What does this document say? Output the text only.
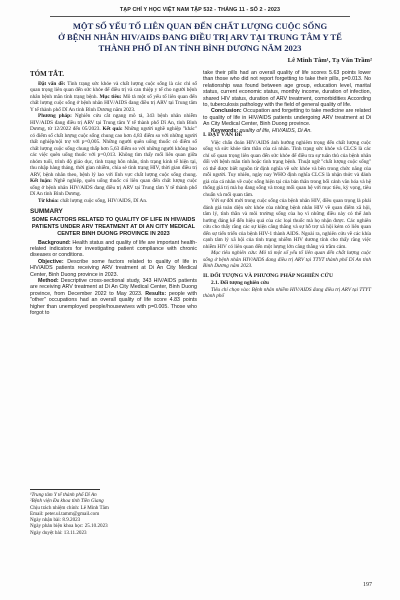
TẠP CHÍ Y HỌC VIỆT NAM TẬP 532 - THÁNG 11 - SỐ 2 - 2023
MỘT SỐ YẾU TỐ LIÊN QUAN ĐẾN CHẤT LƯỢNG CUỘC SỐNG
Ở BỆNH NHÂN HIV/AIDS ĐANG ĐIỀU TRỊ ARV TẠI TRUNG TÂM Y TẾ
THÀNH PHỐ DĨ AN TỈNH BÌNH DƯƠNG NĂM 2023
Lê Minh Tâm¹, Tạ Văn Trầm²
TÓM TẮT.

Đặt vấn đề: Tình trạng sức khỏe và chất lượng cuộc sống là các chỉ số quan trọng liên quan đến sức khỏe để điều trị và can thiệp y tế cho người bệnh nhân bệnh mãn tính trạng bệnh. Mục tiêu: Mô tả một số yếu tố liên quan đến chất lượng cuộc sống ở bệnh nhân HIV/AIDS đang điều trị ARV tại Trung tâm Y tế thành phố Dĩ An tỉnh Bình Dương năm 2023.

Phương pháp: Nghiên cứu cắt ngang mô tả, 343 bệnh nhân nhiễm HIV/AIDS đang điều trị ARV tại Trung tâm Y tế thành phố Dĩ An, tỉnh Bình Dương, từ 12/2022 đến 05/2023. Kết quả: Những người nghề nghiệp "khác" có điểm số chất lượng cuộc sống chung cao hơn 4,83 điểm so với những người thất nghiệp/nội trợ với p=0,005. Những người quên uống thuốc có điểm số chất lượng cuộc sống chung thấp hơn 5,63 điểm so với những người không bao các việc quên uống thuốc với p=0,013. Không tìm thấy mối liên quan giữa nhóm tuổi, trình độ giáo dục, tình trạng hôn nhân, tình trạng kinh tế hiện tại, thu nhập hàng tháng, thời gian nhiễm, chia sẻ tình trạng HIV, thời gian điều trị ARV, bệnh nhân theo, bệnh lý lao với lĩnh vực chất lượng cuộc sống chung. Kết luận: Nghề nghiệp, quên uống thuốc có liên quan đến chất lượng cuộc sống ở bệnh nhân HIV/AIDS đang điều trị ARV tại Trung tâm Y tế thành phố Dĩ An tỉnh Bình Dương.

Từ khóa: chất lượng cuộc sống, HIV/AIDS, Dĩ An.

SUMMARY
SOME FACTORS RELATED TO QUALITY OF LIFE IN HIV/AIDS PATIENTS UNDER ARV TREATMENT AT DI AN CITY MEDICAL CENTER BINH DUONG PROVINCE IN 2023

Background: Health status and quality of life are important health-related indicators for investigating patient compliance with chronic diseases or conditions.

Objective: Describe some factors related to quality of life in HIV/AIDS patients receiving ARV treatment at Di An City Medical Center, Binh Duong province in 2023.

Method: Descriptive cross-sectional study, 343 HIV/AIDS patients are receiving ARV treatment at Di An City Medical Center, Binh Duong province, from December 2022 to May 2023. Results: people with "other" occupations had an overall quality of life score 4.83 points higher than unemployed people/housewives with p=0.005. Those who forgot to

take their pills had an overall quality of life scores 5.63 points lower than those who did not report forgetting to take their pills, p=0.013. No relationship was found between age group, education level, marital status, current economic status, monthly income, duration of infection, shared HIV status, duration of ARV treatment, comorbidities According to, tuberculosis pathology with the field of general quality of life.

Conclusion: Occupation and forgetting to take medicine are related to quality of life in HIV/AIDS patients undergoing ARV treatment at Di An City Medical Center, Binh Duong province.

Keywords: quality of life, HIV/AIDS, Di An.

I. ĐẶT VẤN ĐỀ

Việc chẩn đoán HIV/AIDS ảnh hưởng nghiêm trọng đến chất lượng cuộc sống và sức khỏe tâm thần của cá nhân. Tình trạng sức khỏe và CLCS là các chỉ số quan trọng liên quan đến sức khỏe để điều tra sự tuân thủ của bệnh nhân đối với bệnh mãn tính hoặc tình trạng bệnh. Thuật ngữ "chất lượng cuộc sống" có thể được biết nguồn từ định nghĩa về sức khỏe và bên trong chức năng của mỗi người. Tuy nhiên, ngày nay WHO định nghĩa CLCS là nhận thức và đánh giá của cá nhân về cuộc sống hiện tại của bản thân trong bối cảnh văn hóa và hệ thống giá trị mà họ đang sống và trong mối quan hệ với mục tiêu, kỳ vọng, tiêu chuẩn và mối quan tâm.

Với sự đời mới trong cuộc sống của bệnh nhân HIV, điều quan trọng là phải đánh giá toàn diện sức khỏe của những bệnh nhân HIV về quan điểm xã hội, tâm lý, tình thần và môi trường sống của họ vì những điều này có thể ảnh hưởng đáng kể đến hiệu quả của các loại thuốc mà họ nhận được. Các nghiên cứu cho thấy rằng các sự kiện căng thẳng và sự hỗ trợ xã hội kém có liên quan đến sự tiến triển của bệnh HIV-1 thành AIDS. Ngoài ra, nghiên cứu về các khía cạnh tâm lý xã hội của tình trạng nhiễm HIV dương tính cho thấy rằng việc nhiễm HIV có liên quan đến một lượng lớn căng thẳng và trầm cảm.

Mục tiêu nghiên cứu: Mô tả một số yếu tố liên quan đến chất lượng cuộc sống ở bệnh nhân HIV/AIDS đang điều trị ARV tại TTYT thành phố Dĩ An tỉnh Bình Dương năm 2023.

II. ĐỐI TƯỢNG VÀ PHƯƠNG PHÁP NGHIÊN CỨU
2.1. Đối tượng nghiên cứu

Tiêu chí chọn vào: Bệnh nhân nhiễm HIV/AIDS đang điều trị ARV tại TTYT thành phố

¹Trung tâm Y tế thành phố Dĩ An
²Bệnh viện Đa khoa tỉnh Tiền Giang
Chịu trách nhiệm chính: Lê Minh Tâm
Email: peter.ul.tamm@gmail.com
Ngày nhận bài: 8.9.2023
Ngày phản biện khoa học: 25.10.2023
Ngày duyệt bài: 13.11.2023
197
